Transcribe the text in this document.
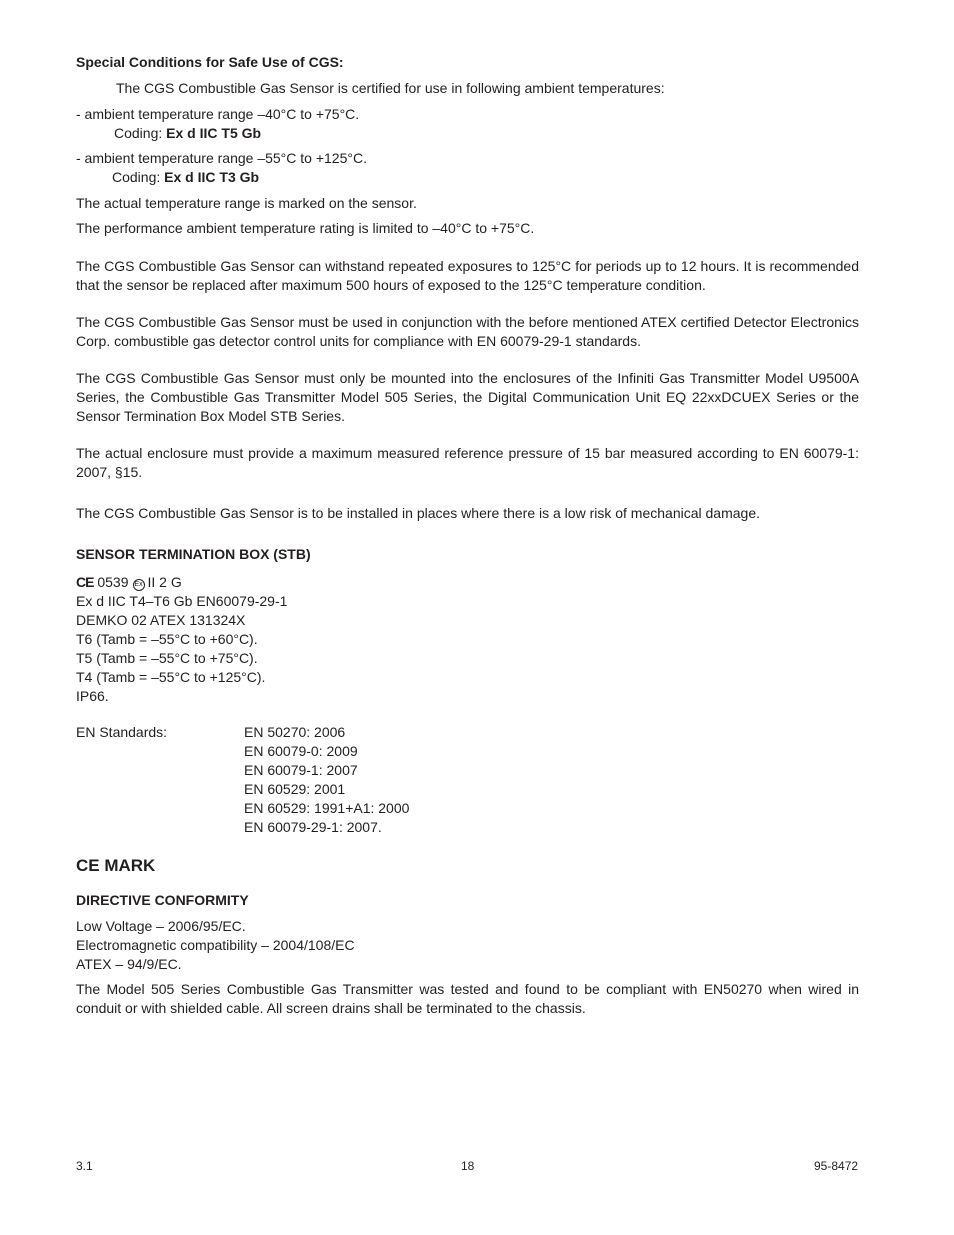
Special Conditions for Safe Use of CGS:

The CGS Combustible Gas Sensor is certified for use in following ambient temperatures:

- ambient temperature range –40°C to +75°C.

Coding: Ex d IIC T5 Gb

- ambient temperature range –55°C to +125°C.

Coding: Ex d IIC T3 Gb

The actual temperature range is marked on the sensor.

The performance ambient temperature rating is limited to –40°C to +75°C.

The CGS Combustible Gas Sensor can withstand repeated exposures to 125°C for periods up to 12 hours. It is recommended that the sensor be replaced after maximum 500 hours of exposed to the 125°C temperature condition.

The CGS Combustible Gas Sensor must be used in conjunction with the before mentioned ATEX certified Detector Electronics Corp. combustible gas detector control units for compliance with EN 60079-29-1 standards.

The CGS Combustible Gas Sensor must only be mounted into the enclosures of the Infiniti Gas Transmitter Model U9500A Series, the Combustible Gas Transmitter Model 505 Series, the Digital Communication Unit EQ 22xxDCUEX Series or the Sensor Termination Box Model STB Series.

The actual enclosure must provide a maximum measured reference pressure of 15 bar measured according to EN 60079-1: 2007, §15.

The CGS Combustible Gas Sensor is to be installed in places where there is a low risk of mechanical damage.

SENSOR TERMINATION BOX (STB)

CE 0539 Ex II 2 G

Ex d IIC T4–T6 Gb EN60079-29-1

DEMKO 02 ATEX 131324X

T6 (Tamb = –55°C to +60°C).

T5 (Tamb = –55°C to +75°C).

T4 (Tamb = –55°C to +125°C).

IP66.

EN Standards:	EN 50270: 2006

EN 60079-0: 2009

EN 60079-1: 2007

EN 60529: 2001

EN 60529: 1991+A1: 2000

EN 60079-29-1: 2007.

CE MARK

DIRECTIVE CONFORMITY

Low Voltage – 2006/95/EC.

Electromagnetic compatibility – 2004/108/EC

ATEX – 94/9/EC.

The Model 505 Series Combustible Gas Transmitter was tested and found to be compliant with EN50270 when wired in conduit or with shielded cable. All screen drains shall be terminated to the chassis.

3.1	18	95-8472
